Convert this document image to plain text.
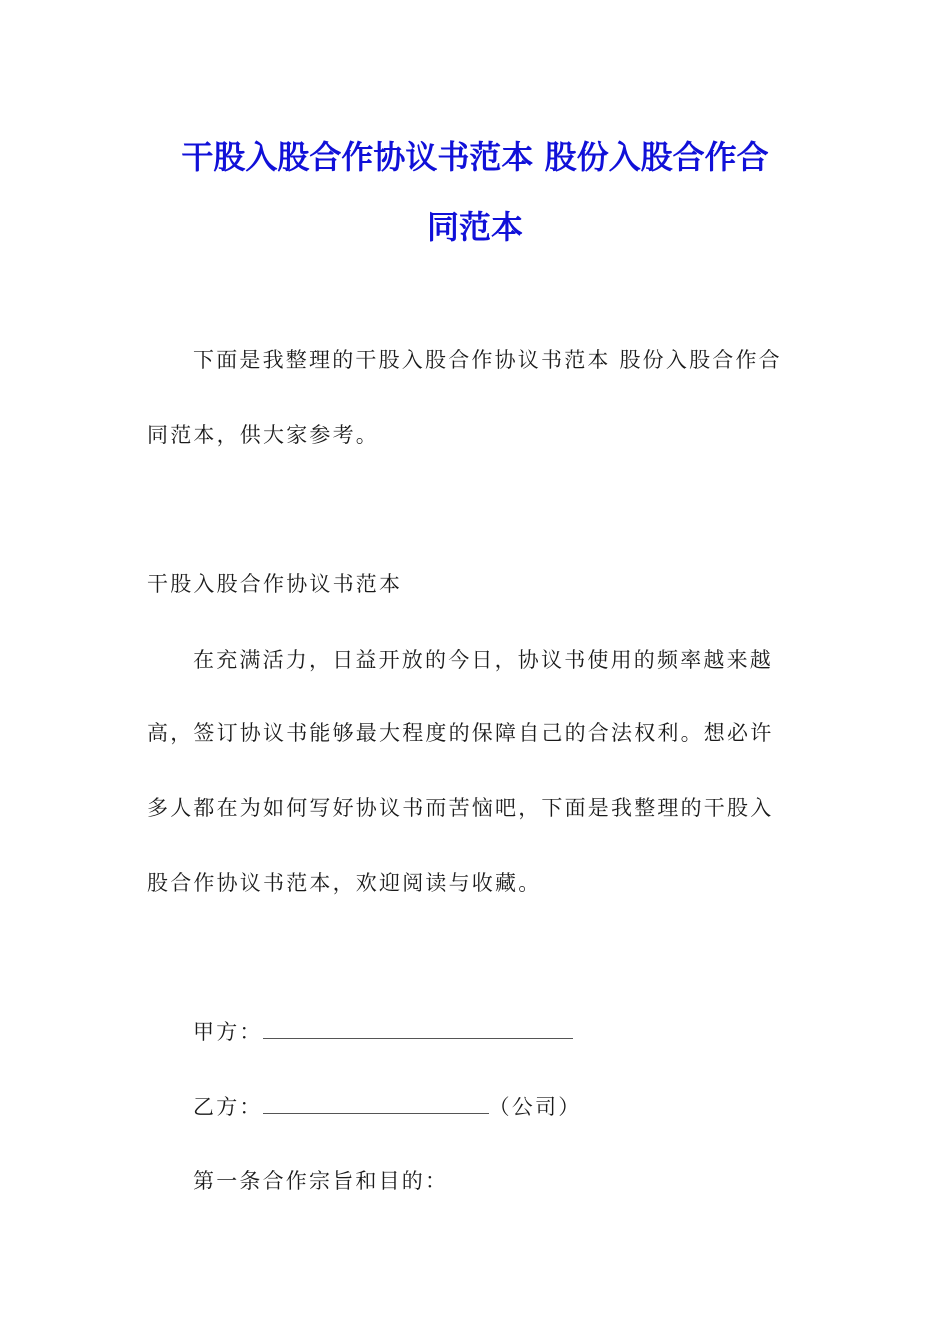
干股入股合作协议书范本 股份入股合作合
同范本
下面是我整理的干股入股合作协议书范本 股份入股合作合
同范本，供大家参考。
干股入股合作协议书范本
在充满活力，日益开放的今日，协议书使用的频率越来越
高，签订协议书能够最大程度的保障自己的合法权利。想必许
多人都在为如何写好协议书而苦恼吧，下面是我整理的干股入
股合作协议书范本，欢迎阅读与收藏。
甲方：
乙方：	（公司）
第一条合作宗旨和目的：
